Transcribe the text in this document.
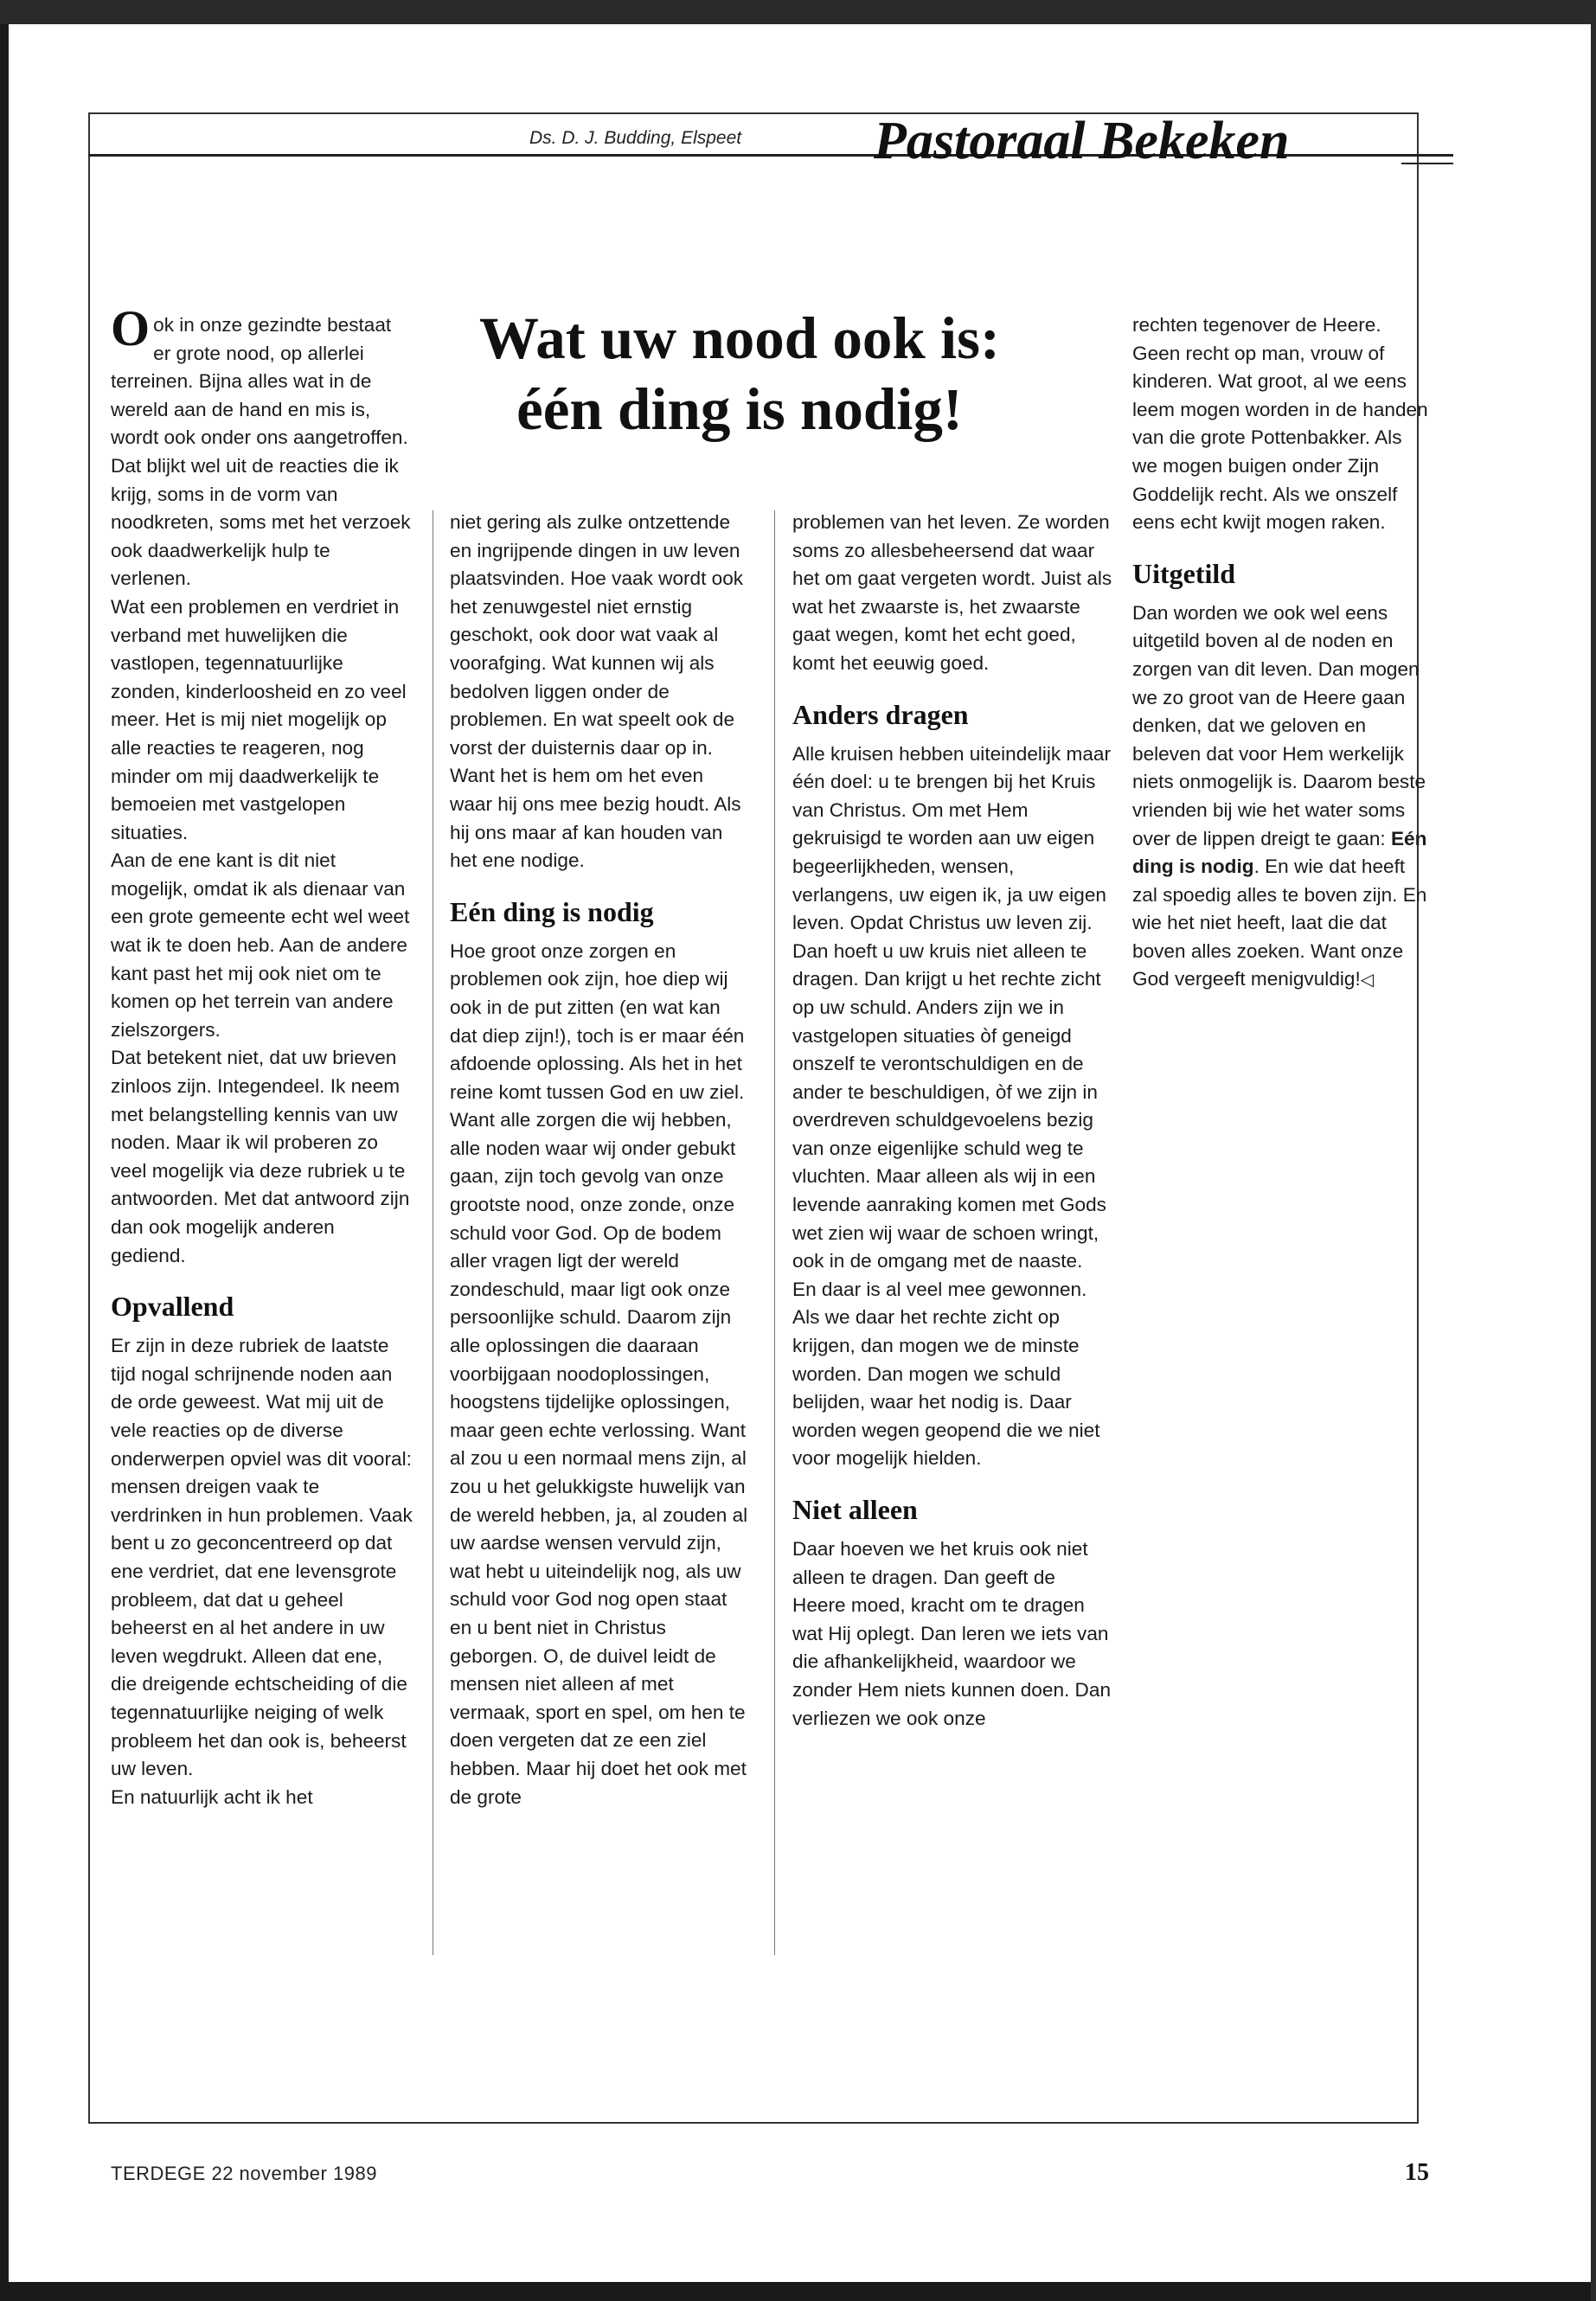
Ds. D. J. Budding, Elspeet Pastoraal Bekeken
Wat uw nood ook is:
één ding is nodig!

Ook in onze gezindte bestaat er grote nood, op allerlei terreinen. Bijna alles wat in de wereld aan de hand en mis is, wordt ook onder ons aangetroffen.

Dat blijkt wel uit de reacties die ik krijg, soms in de vorm van noodkreten, soms met het verzoek ook daadwerkelijk hulp te verlenen.

Wat een problemen en verdriet in verband met huwelijken die vastlopen, tegennatuurlijke zonden, kinderloosheid en zo veel meer. Het is mij niet mogelijk op alle reacties te reageren, nog minder om mij daadwerkelijk te bemoeien met vastgelopen situaties.

Aan de ene kant is dit niet mogelijk, omdat ik als dienaar van een grote gemeente echt wel weet wat ik te doen heb. Aan de andere kant past het mij ook niet om te komen op het terrein van andere zielszorgers.

Dat betekent niet, dat uw brieven zinloos zijn. Integendeel. Ik neem met belangstelling kennis van uw noden. Maar ik wil proberen zo veel mogelijk via deze rubriek u te antwoorden. Met dat antwoord zijn dan ook mogelijk anderen gediend.

Opvallend

Er zijn in deze rubriek de laatste tijd nogal schrijnende noden aan de orde geweest. Wat mij uit de vele reacties op de diverse onderwerpen opviel was dit vooral: mensen dreigen vaak te verdrinken in hun problemen. Vaak bent u zo geconcentreerd op dat ene verdriet, dat ene levensgrote probleem, dat dat u geheel beheerst en al het andere in uw leven wegdrukt. Alleen dat ene, die dreigende echtscheiding of die tegennatuurlijke neiging of welk probleem het dan ook is, beheerst uw leven.

En natuurlijk acht ik het

niet gering als zulke ontzettende en ingrijpende dingen in uw leven plaatsvinden. Hoe vaak wordt ook het zenuwgestel niet ernstig geschokt, ook door wat vaak al voorafging. Wat kunnen wij als bedolven liggen onder de problemen. En wat speelt ook de vorst der duisternis daar op in. Want het is hem om het even waar hij ons mee bezig houdt. Als hij ons maar af kan houden van het ene nodige.

Eén ding is nodig

Hoe groot onze zorgen en problemen ook zijn, hoe diep wij ook in de put zitten (en wat kan dat diep zijn!), toch is er maar één afdoende oplossing. Als het in het reine komt tussen God en uw ziel. Want alle zorgen die wij hebben, alle noden waar wij onder gebukt gaan, zijn toch gevolg van onze grootste nood, onze zonde, onze schuld voor God. Op de bodem aller vragen ligt der wereld zondeschuld, maar ligt ook onze persoonlijke schuld. Daarom zijn alle oplossingen die daaraan voorbijgaan noodoplossingen, hoogstens tijdelijke oplossingen, maar geen echte verlossing. Want al zou u een normaal mens zijn, al zou u het gelukkigste huwelijk van de wereld hebben, ja, al zouden al uw aardse wensen vervuld zijn, wat hebt u uiteindelijk nog, als uw schuld voor God nog open staat en u bent niet in Christus geborgen. O, de duivel leidt de mensen niet alleen af met vermaak, sport en spel, om hen te doen vergeten dat ze een ziel hebben. Maar hij doet het ook met de grote

problemen van het leven. Ze worden soms zo allesbeheersend dat waar het om gaat vergeten wordt. Juist als wat het zwaarste is, het zwaarste gaat wegen, komt het echt goed, komt het eeuwig goed.

Anders dragen

Alle kruisen hebben uiteindelijk maar één doel: u te brengen bij het Kruis van Christus. Om met Hem gekruisigd te worden aan uw eigen begeerlijkheden, wensen, verlangens, uw eigen ik, ja uw eigen leven. Opdat Christus uw leven zij. Dan hoeft u uw kruis niet alleen te dragen. Dan krijgt u het rechte zicht op uw schuld. Anders zijn we in vastgelopen situaties òf geneigd onszelf te verontschuldigen en de ander te beschuldigen, òf we zijn in overdreven schuldgevoelens bezig van onze eigenlijke schuld weg te vluchten. Maar alleen als wij in een levende aanraking komen met Gods wet zien wij waar de schoen wringt, ook in de omgang met de naaste.

En daar is al veel mee gewonnen. Als we daar het rechte zicht op krijgen, dan mogen we de minste worden. Dan mogen we schuld belijden, waar het nodig is. Daar worden wegen geopend die we niet voor mogelijk hielden.

Niet alleen

Daar hoeven we het kruis ook niet alleen te dragen. Dan geeft de Heere moed, kracht om te dragen wat Hij oplegt. Dan leren we iets van die afhankelijkheid, waardoor we zonder Hem niets kunnen doen. Dan verliezen we ook onze

rechten tegenover de Heere. Geen recht op man, vrouw of kinderen. Wat groot, al we eens leem mogen worden in de handen van die grote Pottenbakker. Als we mogen buigen onder Zijn Goddelijk recht. Als we onszelf eens echt kwijt mogen raken.

Uitgetild

Dan worden we ook wel eens uitgetild boven al de noden en zorgen van dit leven. Dan mogen we zo groot van de Heere gaan denken, dat we geloven en beleven dat voor Hem werkelijk niets onmogelijk is. Daarom beste vrienden bij wie het water soms over de lippen dreigt te gaan: Eén ding is nodig. En wie dat heeft zal spoedig alles te boven zijn. En wie het niet heeft, laat die dat boven alles zoeken. Want onze God vergeeft menigvuldig!◁

TERDEGE 22 november 1989	15
